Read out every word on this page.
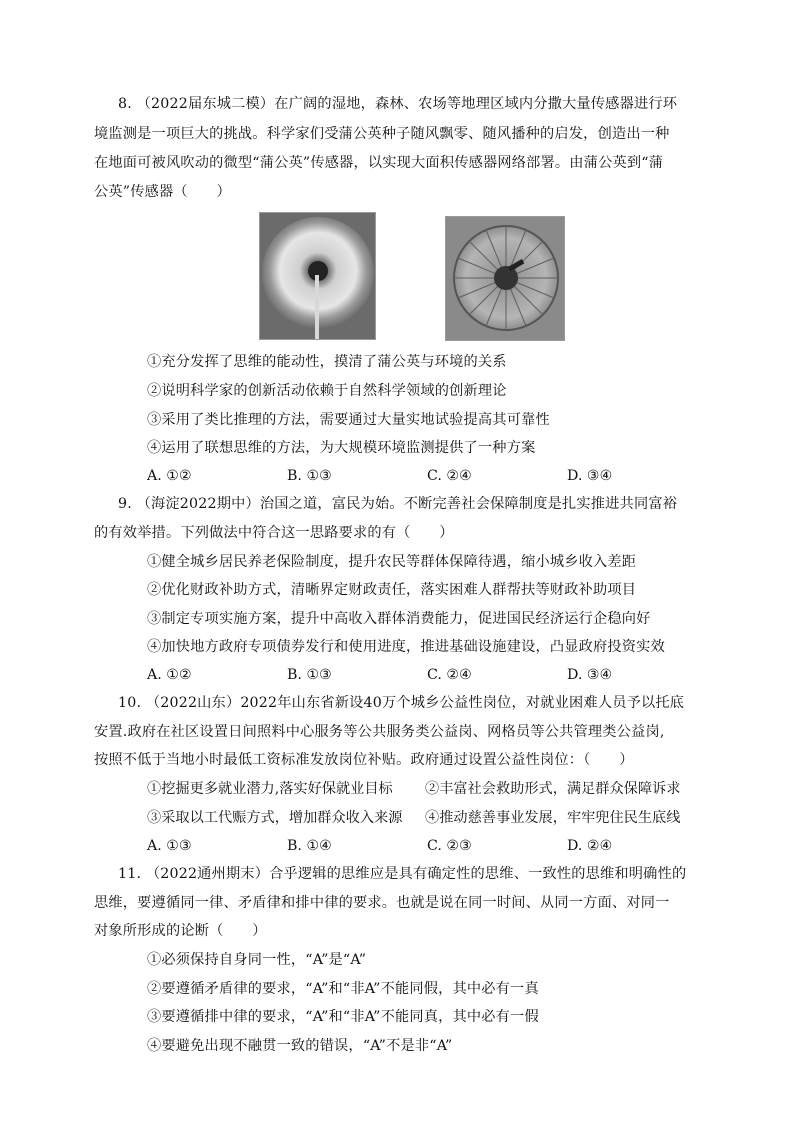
8. （2022届东城二模）在广阔的湿地，森林、农场等地理区域内分撒大量传感器进行环
境监测是一项巨大的挑战。科学家们受蒲公英种子随风飘零、随风播种的启发，创造出一种
在地面可被风吹动的微型“蒲公英”传感器，以实现大面积传感器网络部署。由蒲公英到“蒲
公英”传感器（　　）
①充分发挥了思维的能动性，摸清了蒲公英与环境的关系
②说明科学家的创新活动依赖于自然科学领域的创新理论
③采用了类比推理的方法，需要通过大量实地试验提高其可靠性
④运用了联想思维的方法，为大规模环境监测提供了一种方案
A. ①②	B. ①③	C. ②④	D. ③④
9. （海淀2022期中）治国之道，富民为始。不断完善社会保障制度是扎实推进共同富裕
的有效举措。下列做法中符合这一思路要求的有（　　）
①健全城乡居民养老保险制度，提升农民等群体保障待遇，缩小城乡收入差距
②优化财政补助方式，清晰界定财政责任，落实困难人群帮扶等财政补助项目
③制定专项实施方案，提升中高收入群体消费能力，促进国民经济运行企稳向好
④加快地方政府专项债券发行和使用进度，推进基础设施建设，凸显政府投资实效
A. ①②	B. ①③	C. ②④	D. ③④
10. （2022山东）2022年山东省新设40万个城乡公益性岗位，对就业困难人员予以托底
安置.政府在社区设置日间照料中心服务等公共服务类公益岗、网格员等公共管理类公益岗,
按照不低于当地小时最低工资标准发放岗位补贴。政府通过设置公益性岗位：（　　）
①挖掘更多就业潜力,落实好保就业目标 ②丰富社会救助形式，满足群众保障诉求
③采取以工代赈方式，增加群众收入来源 ④推动慈善事业发展，牢牢兜住民生底线
A. ①③	B. ①④	C. ②③	D. ②④
11. （2022通州期末）合乎逻辑的思维应是具有确定性的思维、一致性的思维和明确性的
思维，要遵循同一律、矛盾律和排中律的要求。也就是说在同一时间、从同一方面、对同一
对象所形成的论断（　　）
①必须保持自身同一性，“A”是“A”
②要遵循矛盾律的要求，“A”和“非A”不能同假，其中必有一真
③要遵循排中律的要求，“A”和“非A”不能同真，其中必有一假
④要避免出现不融贯一致的错误，“A”不是非“A”
